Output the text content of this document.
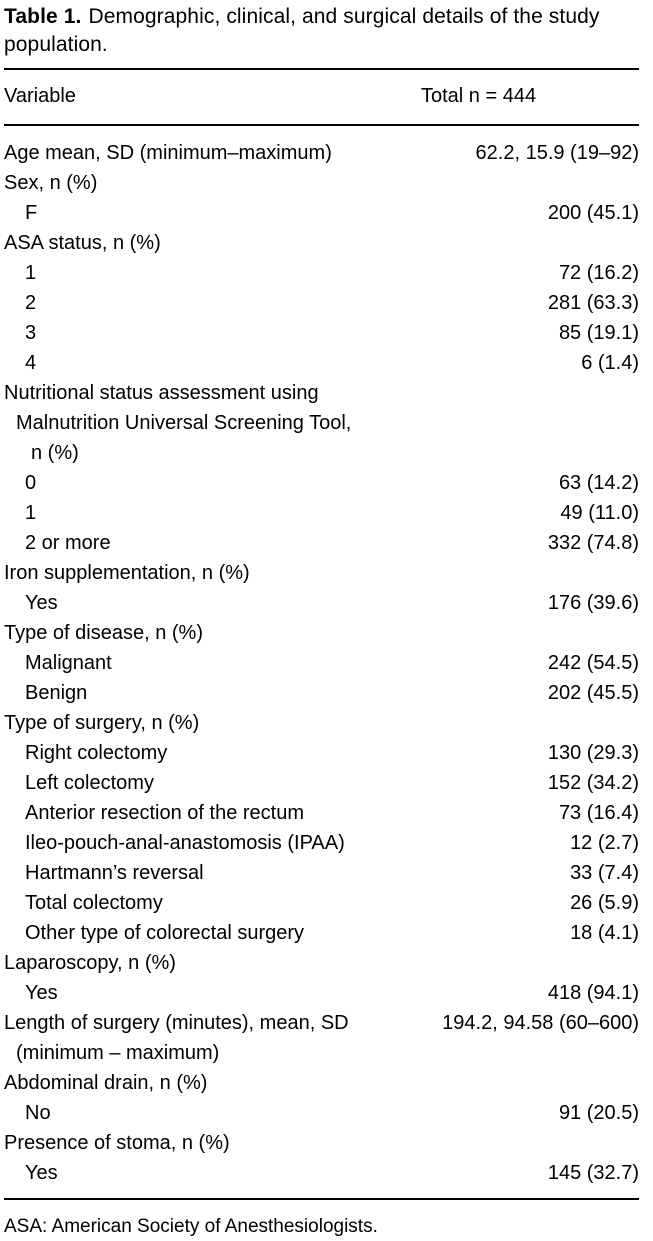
Table 1. Demographic, clinical, and surgical details of the study population.

Variable	Total n = 444
Age mean, SD (minimum–maximum)	62.2, 15.9 (19–92)
Sex, n (%)	
F	200 (45.1)
ASA status, n (%)	
1	72 (16.2)
2	281 (63.3)
3	85 (19.1)
4	6 (1.4)
Nutritional status assessment using	
Malnutrition Universal Screening Tool,	
n (%)	
0	63 (14.2)
1	49 (11.0)
2 or more	332 (74.8)
Iron supplementation, n (%)	
Yes	176 (39.6)
Type of disease, n (%)	
Malignant	242 (54.5)
Benign	202 (45.5)
Type of surgery, n (%)	
Right colectomy	130 (29.3)
Left colectomy	152 (34.2)
Anterior resection of the rectum	73 (16.4)
Ileo-pouch-anal-anastomosis (IPAA)	12 (2.7)
Hartmann’s reversal	33 (7.4)
Total colectomy	26 (5.9)
Other type of colorectal surgery	18 (4.1)
Laparoscopy, n (%)	
Yes	418 (94.1)
Length of surgery (minutes), mean, SD	194.2, 94.58 (60–600)
(minimum – maximum)	
Abdominal drain, n (%)	
No	91 (20.5)
Presence of stoma, n (%)	
Yes	145 (32.7)

ASA: American Society of Anesthesiologists.
